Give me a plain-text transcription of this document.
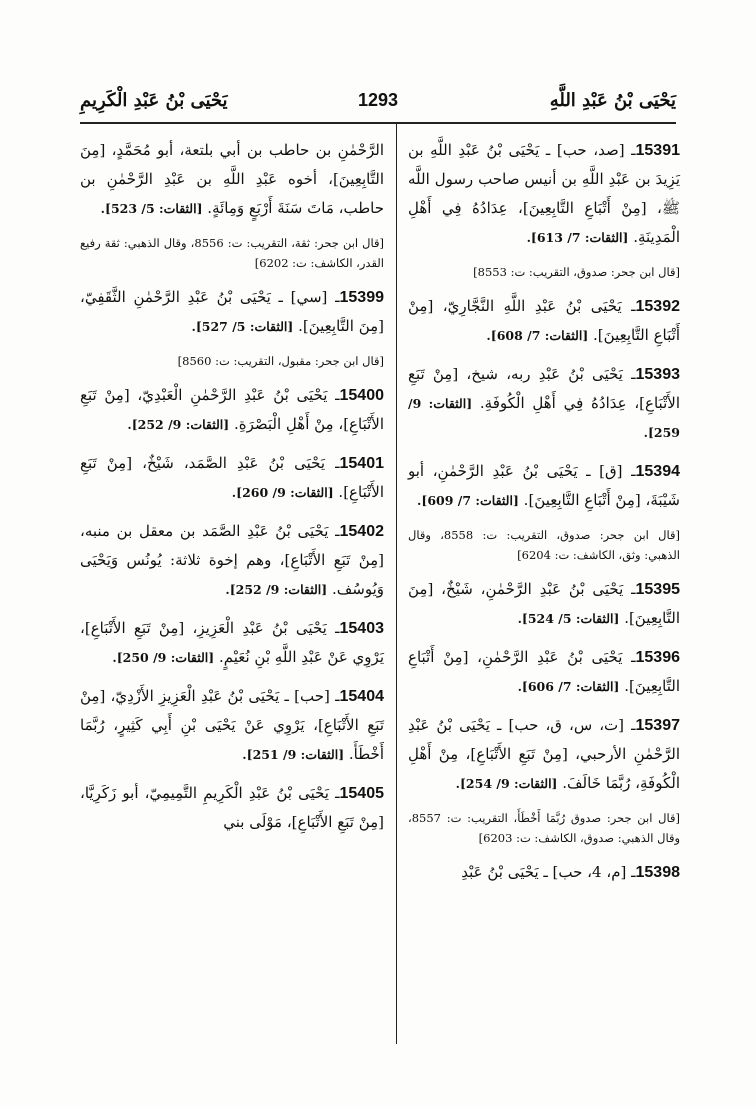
يَحْيَى بْنُ عَبْدِ اللَّهِ
1293
يَحْيَى بْنُ عَبْدِ الْكَرِيمِ
15391ـ [صد، حب] ـ يَحْيَى بْنُ عَبْدِ اللَّهِ بن يَزِيدَ بن عَبْدِ اللَّهِ بن أنيس صاحب رسول اللَّه ﷺ، [مِنْ أَتْبَاعِ التَّابِعِينَ]، عِدَادُهُ فِي أَهْلِ الْمَدِينَةِ. [الثقات: 7/ 613].
[قال ابن جحر: صدوق، التقريب: ت: 8553]
15392ـ يَحْيَى بْنُ عَبْدِ اللَّهِ النَّجَّارِيّ، [مِنْ أَتْبَاعِ التَّابِعِينَ]. [الثقات: 7/ 608].
15393ـ يَحْيَى بْنُ عَبْدِ ربه، شيخ، [مِنْ تَبَعِ الأَتْبَاعِ]، عِدَادُهُ فِي أَهْلِ الْكُوفَةِ. [الثقات: 9/ 259].
15394ـ [ق] ـ يَحْيَى بْنُ عَبْدِ الرَّحْمٰنِ، أبو شَيْبَةَ، [مِنْ أَتْبَاعِ التَّابِعِينَ]. [الثقات: 7/ 609].
[قال ابن جحر: صدوق، التقريب: ت: 8558، وقال الذهبي: وثق، الكاشف: ت: 6204]
15395ـ يَحْيَى بْنُ عَبْدِ الرَّحْمٰنِ، شَيْخٌ، [مِنَ التَّابِعِينَ]. [الثقات: 5/ 524].
15396ـ يَحْيَى بْنُ عَبْدِ الرَّحْمٰنِ، [مِنْ أَتْبَاعِ التَّابِعِينَ]. [الثقات: 7/ 606].
15397ـ [ت، س، ق، حب] ـ يَحْيَى بْنُ عَبْدِ الرَّحْمٰنِ الأرحبي، [مِنْ تَبَعِ الأَتْبَاعِ]، مِنْ أَهْلِ الْكُوفَةِ، رُبَّمَا خَالَفَ. [الثقات: 9/ 254].
[قال ابن جحر: صدوق رُبَّمَا أَخْطَأَ، التقريب: ت: 8557، وقال الذهبي: صدوق، الكاشف: ت: 6203]
15398ـ [م، 4، حب] ـ يَحْيَى بْنُ عَبْدِ
الرَّحْمٰنِ بن حاطب بن أبي بلتعة، أبو مُحَمَّدٍ، [مِنَ التَّابِعِينَ]، أخوه عَبْدِ اللَّهِ بن عَبْدِ الرَّحْمٰنِ بن حاطب، مَاتَ سَنَةَ أَرْبَعٍ وَمِائَةٍ. [الثقات: 5/ 523].
[قال ابن جحر: ثقة، التقريب: ت: 8556، وقال الذهبي: ثقة رفيع القدر، الكاشف: ت: 6202]
15399ـ [سي] ـ يَحْيَى بْنُ عَبْدِ الرَّحْمٰنِ الثَّقَفِيّ، [مِنَ التَّابِعِينَ]. [الثقات: 5/ 527].
[قال ابن جحر: مقبول، التقريب: ت: 8560]
15400ـ يَحْيَى بْنُ عَبْدِ الرَّحْمٰنِ الْعَبْدِيّ، [مِنْ تَبَعِ الأَتْبَاعِ]، مِنْ أَهْلِ الْبَصْرَةِ. [الثقات: 9/ 252].
15401ـ يَحْيَى بْنُ عَبْدِ الصَّمَد، شَيْخٌ، [مِنْ تَبَعِ الأَتْبَاعِ]. [الثقات: 9/ 260].
15402ـ يَحْيَى بْنُ عَبْدِ الصَّمَد بن معقل بن منبه، [مِنْ تَبَعِ الأَتْبَاعِ]، وهم إخوة ثلاثة: يُونُس وَيَحْيَى وَيُوسُف. [الثقات: 9/ 252].
15403ـ يَحْيَى بْنُ عَبْدِ الْعَزِيزِ، [مِنْ تَبَعِ الأَتْبَاعِ]، يَرْوِي عَنْ عَبْدِ اللَّهِ بْنِ نُعَيْمٍ. [الثقات: 9/ 250].
15404ـ [حب] ـ يَحْيَى بْنُ عَبْدِ الْعَزِيزِ الأَزْدِيّ، [مِنْ تَبَعِ الأَتْبَاعِ]، يَرْوِي عَنْ يَحْيَى بْنِ أَبِي كَثِيرٍ، رُبَّمَا أَخْطَأَ. [الثقات: 9/ 251].
15405ـ يَحْيَى بْنُ عَبْدِ الْكَرِيمِ التَّمِيمِيّ، أبو زَكَرِيَّا، [مِنْ تَبَعِ الأَتْبَاعِ]، مَوْلَى بني
